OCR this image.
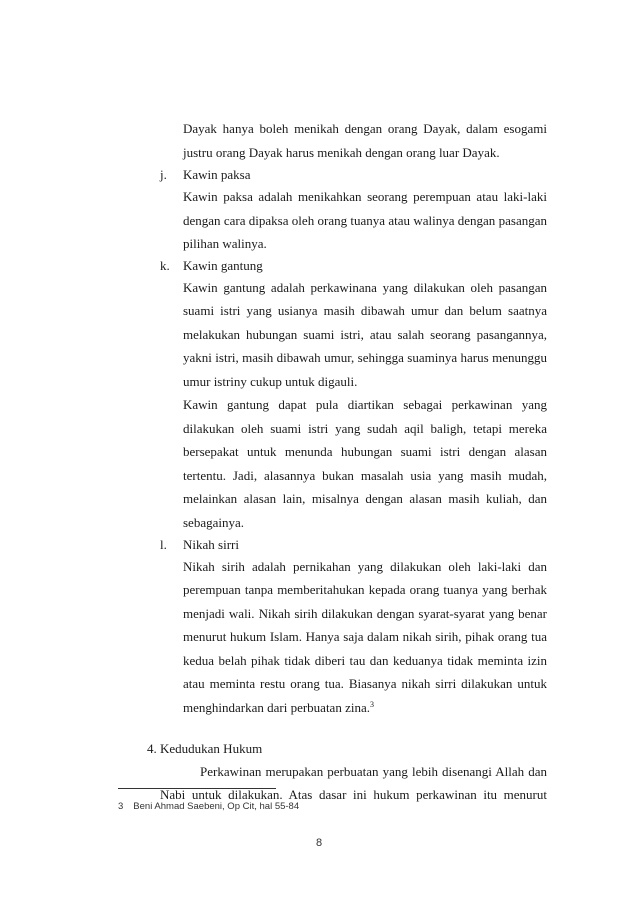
Dayak hanya boleh menikah dengan orang Dayak, dalam esogami
justru orang Dayak harus menikah dengan orang luar Dayak.
j.	Kawin paksa
Kawin paksa adalah menikahkan seorang perempuan atau laki-laki
dengan cara dipaksa oleh orang tuanya atau walinya dengan pasangan
pilihan walinya.
k.	Kawin gantung
Kawin gantung adalah perkawinana yang dilakukan oleh pasangan
suami istri yang usianya masih dibawah umur dan belum saatnya
melakukan hubungan suami istri, atau salah seorang pasangannya,
yakni istri, masih dibawah umur, sehingga suaminya harus menunggu
umur istriny cukup untuk digauli.
Kawin gantung dapat pula diartikan sebagai perkawinan yang
dilakukan oleh suami istri yang sudah aqil baligh, tetapi mereka
bersepakat untuk menunda hubungan suami istri dengan alasan
tertentu. Jadi, alasannya bukan masalah usia yang masih mudah,
melainkan alasan lain, misalnya dengan alasan masih kuliah, dan
sebagainya.
l.	Nikah sirri
Nikah sirih adalah pernikahan yang dilakukan oleh laki-laki dan
perempuan tanpa memberitahukan kepada orang tuanya yang berhak
menjadi wali. Nikah sirih dilakukan dengan syarat-syarat yang benar
menurut hukum Islam. Hanya saja dalam nikah sirih, pihak orang tua
kedua belah pihak tidak diberi tau dan keduanya tidak meminta izin
atau meminta restu orang tua. Biasanya nikah sirri dilakukan untuk
menghindarkan dari perbuatan zina.$^3$
4. Kedudukan Hukum
Perkawinan merupakan perbuatan yang lebih disenangi Allah dan
Nabi untuk dilakukan. Atas dasar ini hukum perkawinan itu menurut
3 Beni Ahmad Saebeni, Op Cit, hal 55-84
8
